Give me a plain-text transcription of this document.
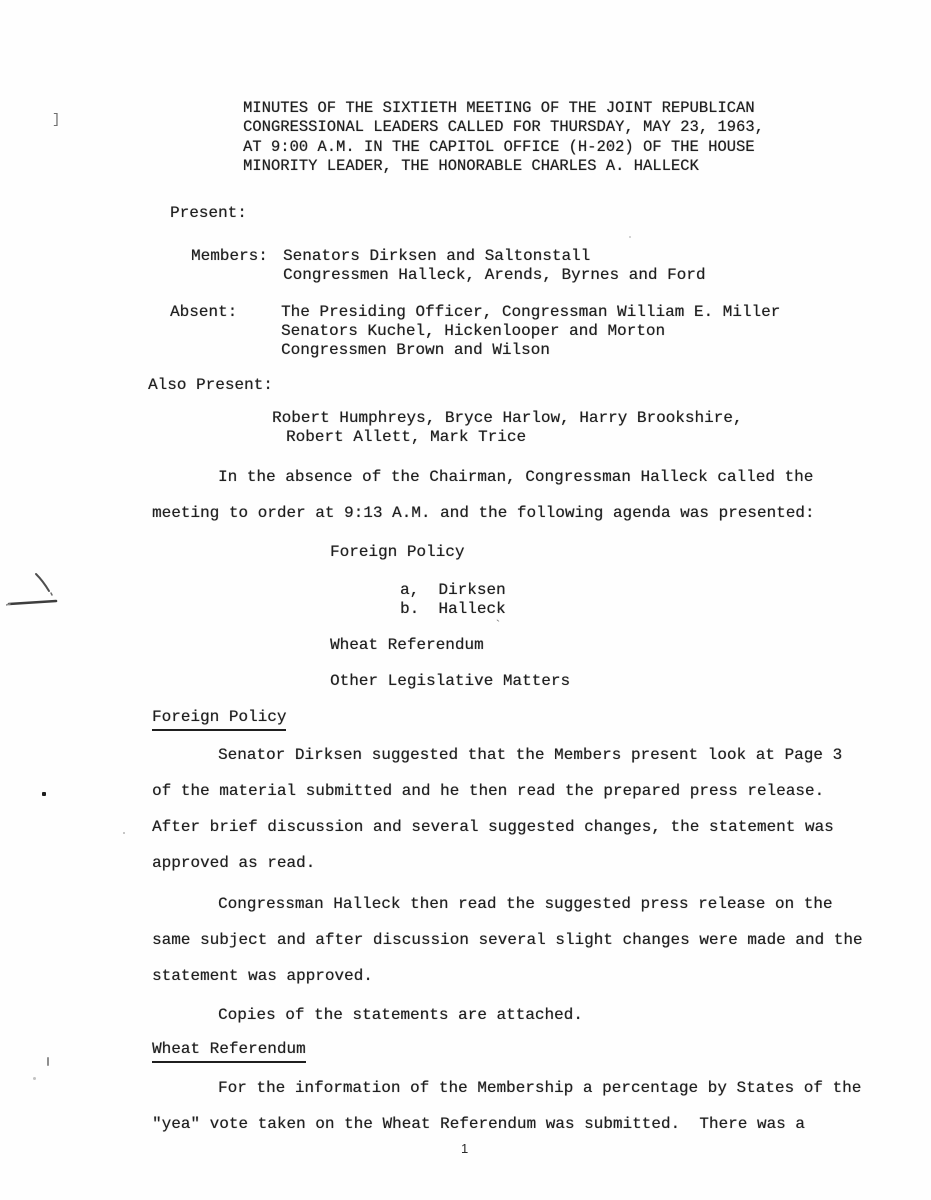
]
`
MINUTES OF THE SIXTIETH MEETING OF THE JOINT REPUBLICAN
CONGRESSIONAL LEADERS CALLED FOR THURSDAY, MAY 23, 1963,
AT 9:00 A.M. IN THE CAPITOL OFFICE (H-202) OF THE HOUSE
MINORITY LEADER, THE HONORABLE CHARLES A. HALLECK
Present:
Members: Senators Dirksen and Saltonstall
Congressmen Halleck, Arends, Byrnes and Ford
Absent:	The Presiding Officer, Congressman William E. Miller
Senators Kuchel, Hickenlooper and Morton
Congressmen Brown and Wilson
Also Present:
Robert Humphreys, Bryce Harlow, Harry Brookshire,
Robert Allett, Mark Trice
In the absence of the Chairman, Congressman Halleck called the
meeting to order at 9:13 A.M. and the following agenda was presented:
Foreign Policy
a,  Dirksen
b.  Halleck
Wheat Referendum
Other Legislative Matters
Foreign Policy
Senator Dirksen suggested that the Members present look at Page 3
of the material submitted and he then read the prepared press release.
After brief discussion and several suggested changes, the statement was
approved as read.
Congressman Halleck then read the suggested press release on the
same subject and after discussion several slight changes were made and the
statement was approved.
Copies of the statements are attached.
Wheat Referendum
For the information of the Membership a percentage by States of the
"yea" vote taken on the Wheat Referendum was submitted.  There was a
1
